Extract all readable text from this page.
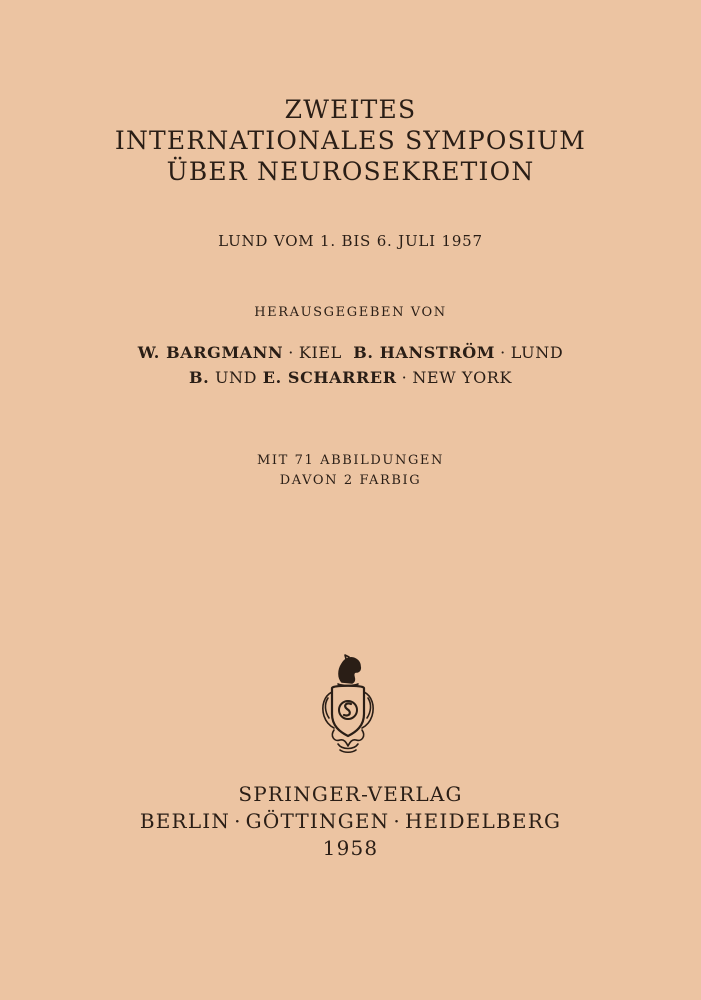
ZWEITES
INTERNATIONALES SYMPOSIUM
ÜBER NEUROSEKRETION
LUND VOM 1. BIS 6. JULI 1957
HERAUSGEGEBEN VON
W. BARGMANN · KIEL B. HANSTRÖM · LUND
B. UND E. SCHARRER · NEW YORK
MIT 71 ABBILDUNGEN
DAVON 2 FARBIG
SPRINGER-VERLAG
BERLIN · GÖTTINGEN · HEIDELBERG
1958
